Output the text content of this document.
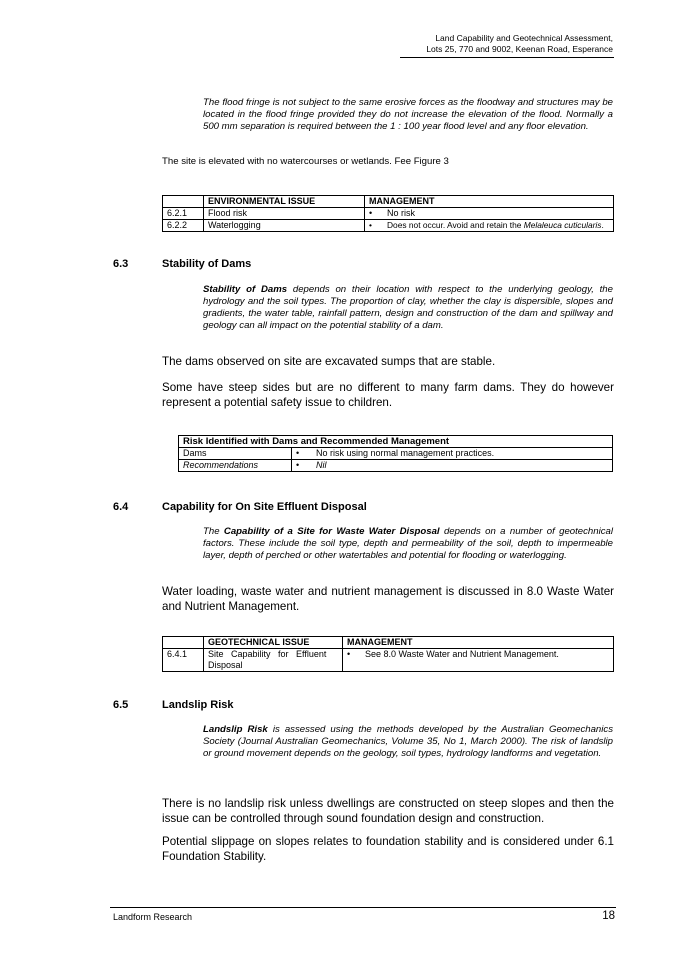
Land Capability and Geotechnical Assessment,
Lots 25, 770 and 9002, Keenan Road, Esperance
The flood fringe is not subject to the same erosive forces as the floodway and structures may be located in the flood fringe provided they do not increase the elevation of the flood. Normally a 500 mm separation is required between the 1 : 100 year flood level and any floor elevation.
The site is elevated with no watercourses or wetlands. Fee Figure 3
	ENVIRONMENTAL ISSUE	MANAGEMENT
6.2.1	Flood risk	• No risk
6.2.2	Waterlogging	• Does not occur. Avoid and retain the Melaleuca cuticularis.
6.3	Stability of Dams
Stability of Dams depends on their location with respect to the underlying geology, the hydrology and the soil types. The proportion of clay, whether the clay is dispersible, slopes and gradients, the water table, rainfall pattern, design and construction of the dam and spillway and geology can all impact on the potential stability of a dam.
The dams observed on site are excavated sumps that are stable.
Some have steep sides but are no different to many farm dams. They do however represent a potential safety issue to children.
Risk Identified with Dams and Recommended Management		
Dams	•	No risk using normal management practices.
Recommendations	•	Nil
6.4	Capability for On Site Effluent Disposal
The Capability of a Site for Waste Water Disposal depends on a number of geotechnical factors. These include the soil type, depth and permeability of the soil, depth to impermeable layer, depth of perched or other watertables and potential for flooding or waterlogging.
Water loading, waste water and nutrient management is discussed in 8.0 Waste Water and Nutrient Management.
	GEOTECHNICAL ISSUE	MANAGEMENT
6.4.1	Site   Capability   for   Effluent Disposal	• See 8.0 Waste Water and Nutrient Management.
6.5	Landslip Risk
Landslip Risk is assessed using the methods developed by the Australian Geomechanics Society (Journal Australian Geomechanics, Volume 35, No 1, March 2000). The risk of landslip or ground movement depends on the geology, soil types, hydrology landforms and vegetation.
There is no landslip risk unless dwellings are constructed on steep slopes and then the issue can be controlled through sound foundation design and construction.
Potential slippage on slopes relates to foundation stability and is considered under 6.1 Foundation Stability.
Landform Research	18
